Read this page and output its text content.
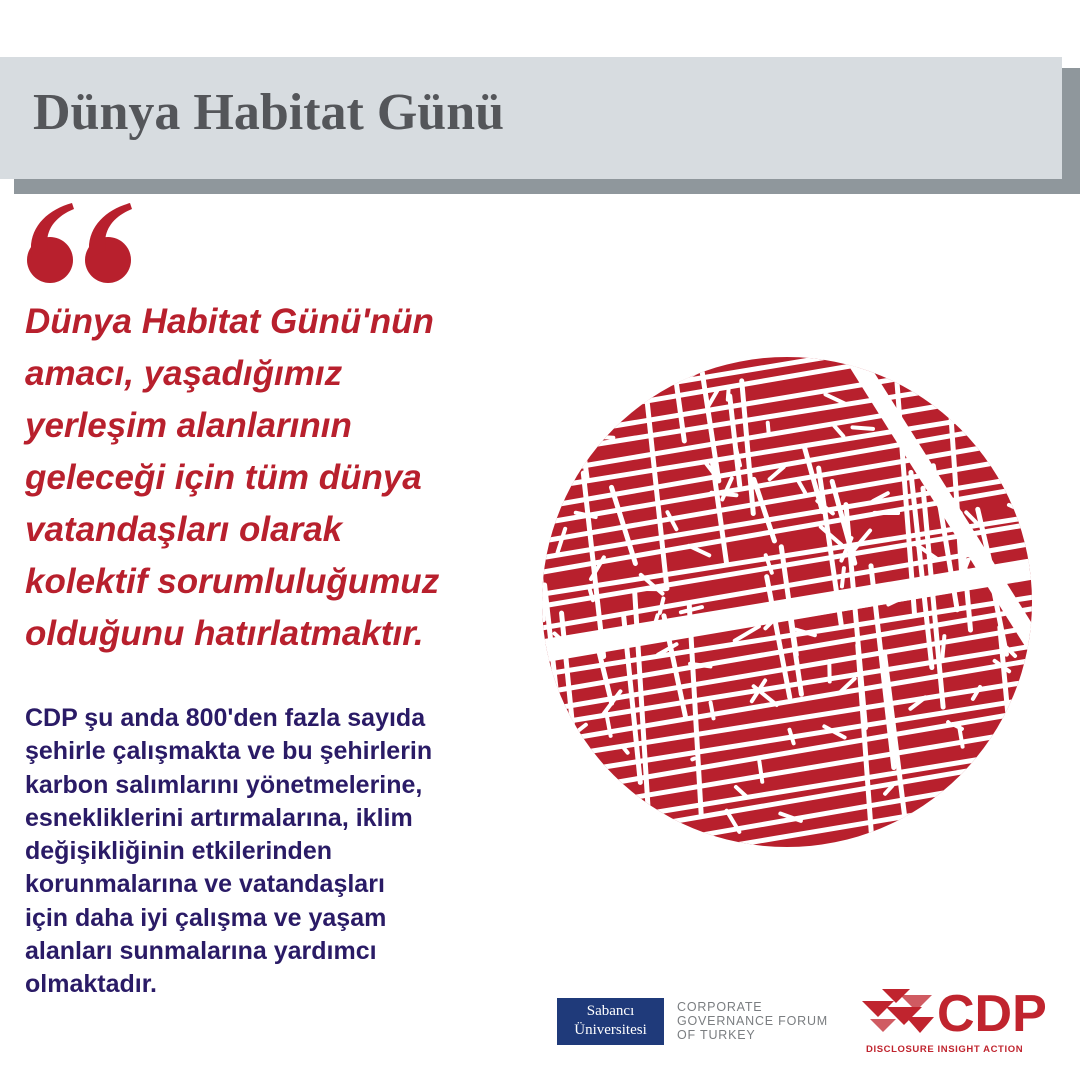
Dünya Habitat Günü
Dünya Habitat Günü'nün
amacı, yaşadığımız
yerleşim alanlarının
geleceği için tüm dünya
vatandaşları olarak
kolektif sorumluluğumuz
olduğunu hatırlatmaktır.
CDP şu anda 800'den fazla sayıda
şehirle çalışmakta ve bu şehirlerin
karbon salımlarını yönetmelerine,
esnekliklerini artırmalarına, iklim
değişikliğinin etkilerinden
korunmalarına ve vatandaşları
için daha iyi çalışma ve yaşam
alanları sunmalarına yardımcı
olmaktadır.
Sabancı
Üniversitesi
CORPORATE
GOVERNANCE FORUM
OF TURKEY	CDP
DISCLOSURE INSIGHT ACTION
